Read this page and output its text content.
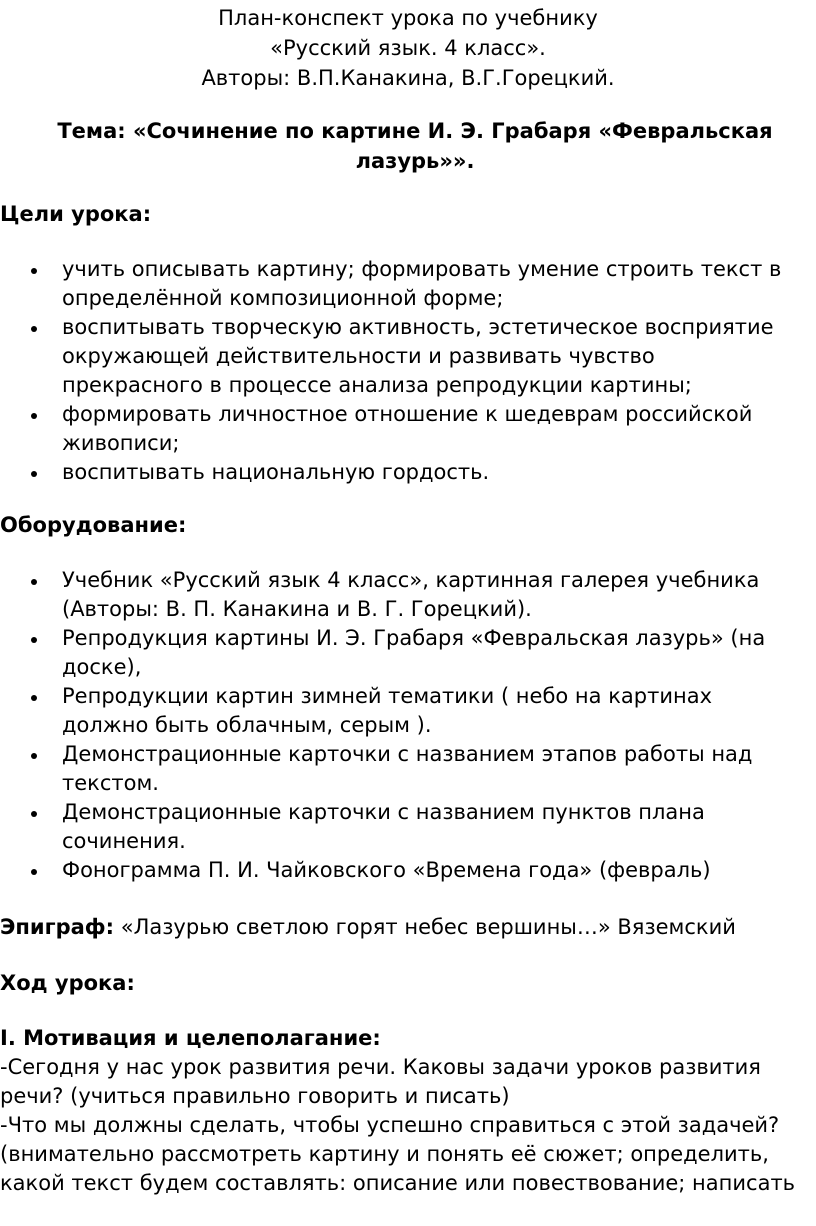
План-конспект урока по учебнику
«Русский язык. 4 класс».
Авторы: В.П.Канакина, В.Г.Горецкий.
Тема: «Сочинение по картине И. Э. Грабаря «Февральская лазурь»».
Цели урока:
учить описывать картину; формировать умение строить текст в определённой композиционной форме;
воспитывать творческую активность, эстетическое восприятие окружающей действительности и развивать чувство прекрасного в процессе анализа репродукции картины;
формировать личностное отношение к шедеврам российской живописи;
воспитывать национальную гордость.
Оборудование:
Учебник «Русский язык 4 класс», картинная галерея учебника (Авторы: В. П. Канакина и В. Г. Горецкий).
Репродукция картины И. Э. Грабаря «Февральская лазурь» (на доске),
Репродукции картин зимней тематики ( небо на картинах должно быть облачным, серым ).
Демонстрационные карточки с названием этапов работы над текстом.
Демонстрационные карточки с названием пунктов плана сочинения.
Фонограмма П. И. Чайковского «Времена года» (февраль)
Эпиграф: «Лазурью светлою горят небес вершины…» Вяземский
Ход урока:
I. Мотивация и целеполагание:
-Сегодня у нас урок развития речи. Каковы задачи уроков развития речи? (учиться правильно говорить и писать)
-Что мы должны сделать, чтобы успешно справиться с этой задачей? (внимательно рассмотреть картину и понять её сюжет; определить, какой текст будем составлять: описание или повествование; написать
